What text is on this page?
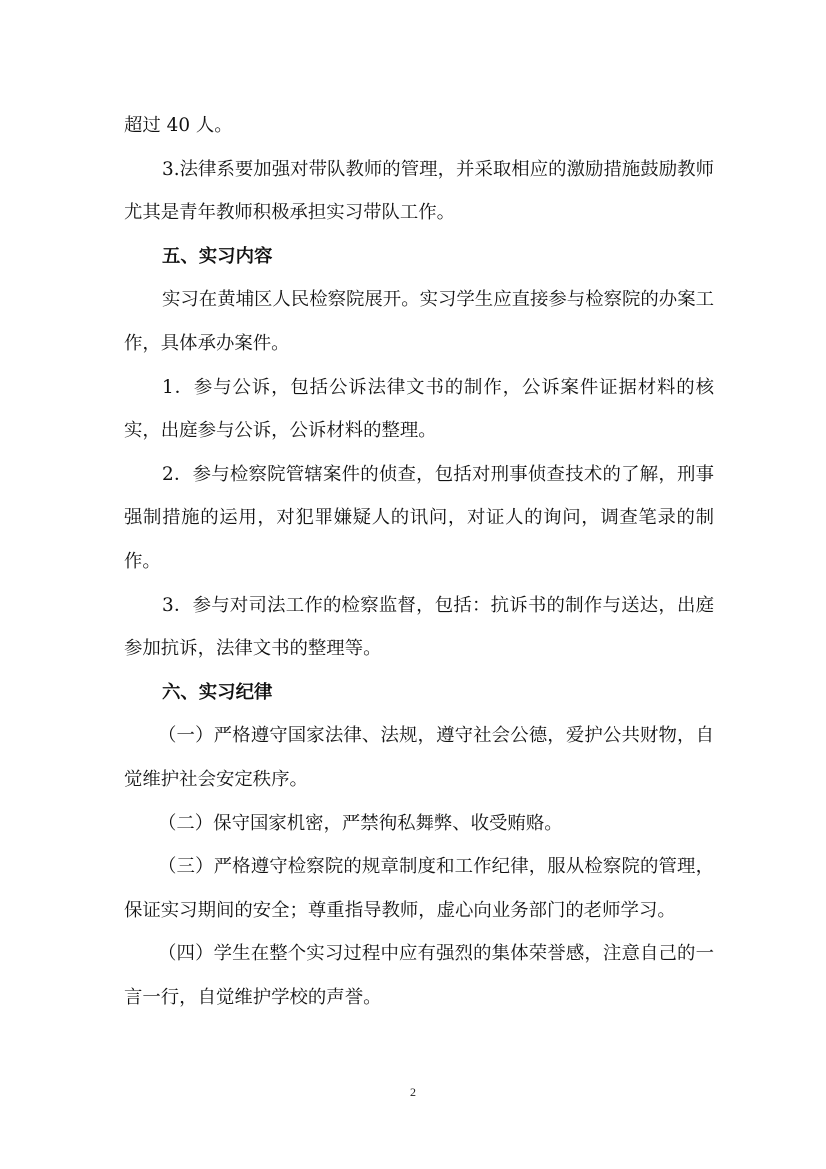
超过 40 人。

3.法律系要加强对带队教师的管理，并采取相应的激励措施鼓励教师尤其是青年教师积极承担实习带队工作。

五、实习内容

实习在黄埔区人民检察院展开。实习学生应直接参与检察院的办案工作，具体承办案件。

1．参与公诉，包括公诉法律文书的制作，公诉案件证据材料的核实，出庭参与公诉，公诉材料的整理。

2．参与检察院管辖案件的侦查，包括对刑事侦查技术的了解，刑事强制措施的运用，对犯罪嫌疑人的讯问，对证人的询问，调查笔录的制作。

3．参与对司法工作的检察监督，包括：抗诉书的制作与送达，出庭参加抗诉，法律文书的整理等。

六、实习纪律

（一）严格遵守国家法律、法规，遵守社会公德，爱护公共财物，自觉维护社会安定秩序。

（二）保守国家机密，严禁徇私舞弊、收受贿赂。

（三）严格遵守检察院的规章制度和工作纪律，服从检察院的管理，保证实习期间的安全；尊重指导教师，虚心向业务部门的老师学习。

（四）学生在整个实习过程中应有强烈的集体荣誉感，注意自己的一言一行，自觉维护学校的声誉。

2
